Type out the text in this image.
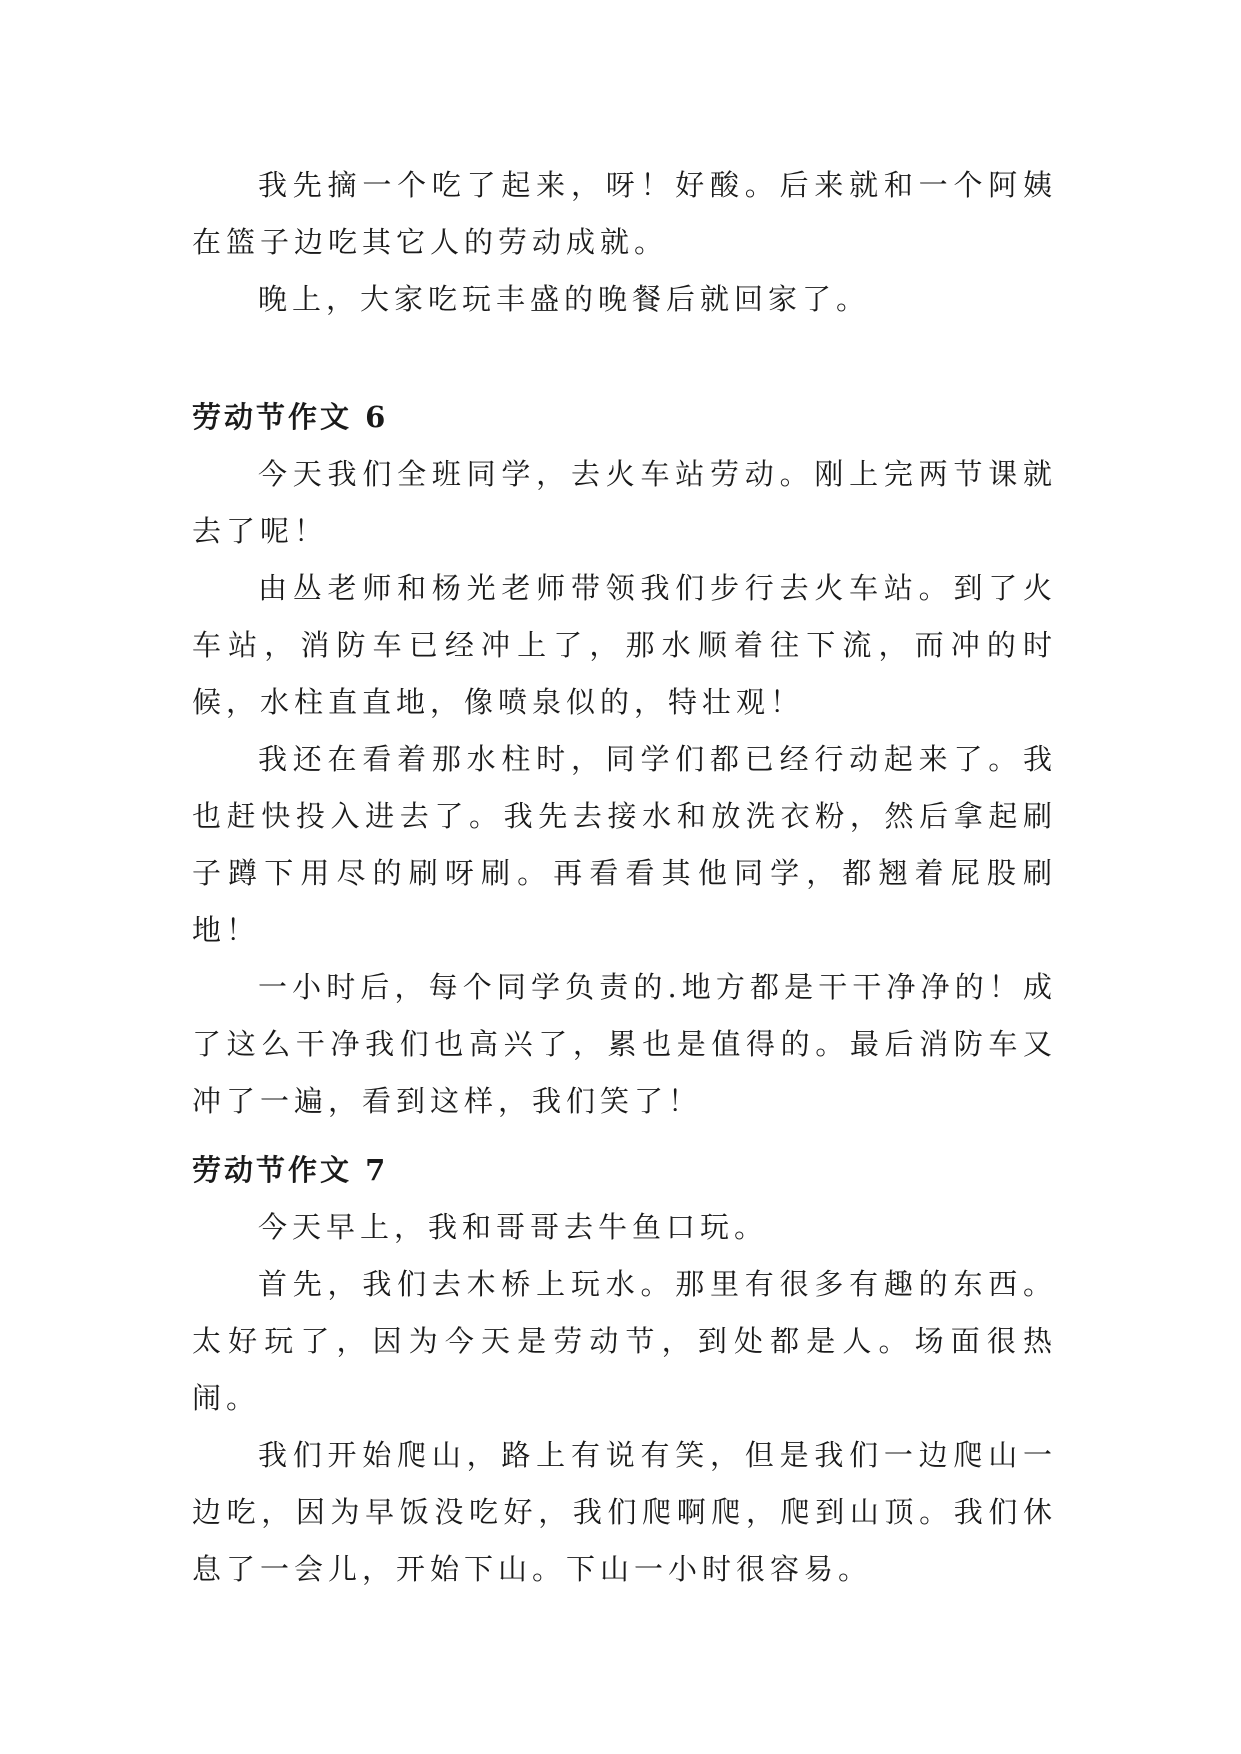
我先摘一个吃了起来，呀！好酸。后来就和一个阿姨在篮子边吃其它人的劳动成就。

晚上，大家吃玩丰盛的晚餐后就回家了。

劳动节作文 6

今天我们全班同学，去火车站劳动。刚上完两节课就去了呢！

由丛老师和杨光老师带领我们步行去火车站。到了火车站，消防车已经冲上了，那水顺着往下流，而冲的时候，水柱直直地，像喷泉似的，特壮观！

我还在看着那水柱时，同学们都已经行动起来了。我也赶快投入进去了。我先去接水和放洗衣粉，然后拿起刷子蹲下用尽的刷呀刷。再看看其他同学，都翘着屁股刷地！

一小时后，每个同学负责的.地方都是干干净净的！成了这么干净我们也高兴了，累也是值得的。最后消防车又冲了一遍，看到这样，我们笑了！

劳动节作文 7

今天早上，我和哥哥去牛鱼口玩。

首先，我们去木桥上玩水。那里有很多有趣的东西。太好玩了，因为今天是劳动节，到处都是人。场面很热闹。

我们开始爬山，路上有说有笑，但是我们一边爬山一边吃，因为早饭没吃好，我们爬啊爬，爬到山顶。我们休息了一会儿，开始下山。下山一小时很容易。
